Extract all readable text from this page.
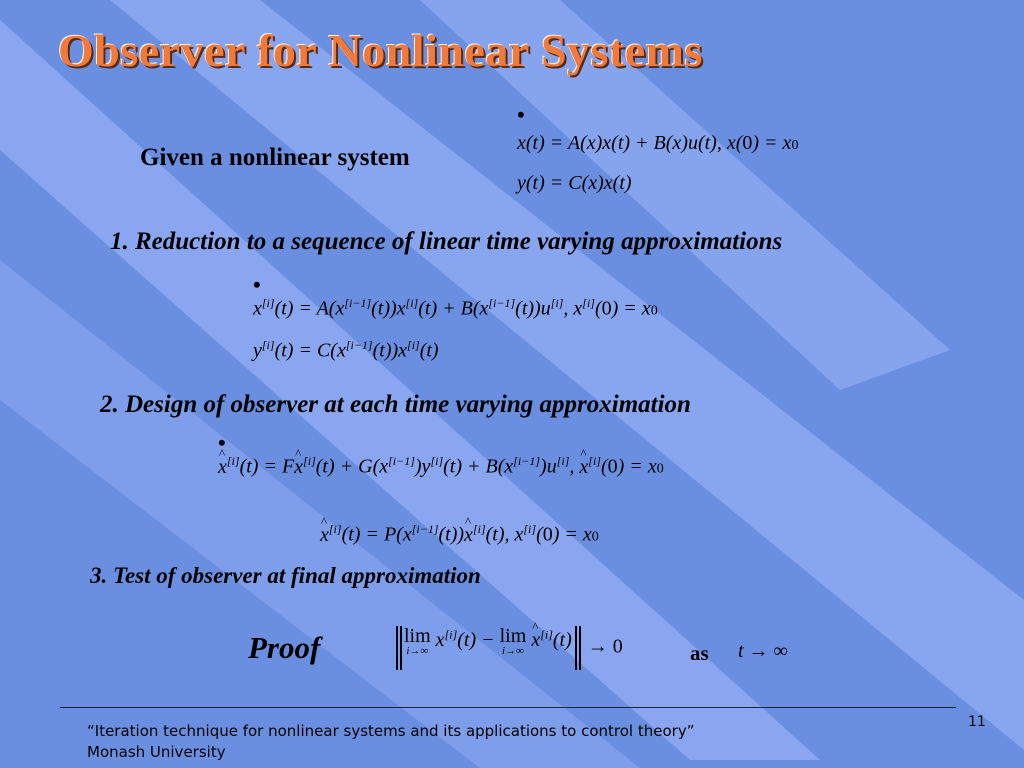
Observer for Nonlinear Systems
Given a nonlinear system
•
x(t) = A(x)x(t) + B(x)u(t), x(0) = x0
y(t) = C(x)x(t)
1. Reduction to a sequence of linear time varying approximations
•
x[i](t) = A(x[i−1](t))x[i](t) + B(x[i−1](t))u[i], x[i](0) = x0
y[i](t) = C(x[i−1](t))x[i](t)
2. Design of observer at each time varying approximation
•
^ x[i](t) = F^ x[i](t) + G(x[i−1])y[i](t) + B(x[i−1])u[i], ^ x[i](0) = x0
^ x[i](t) = P(x[i−1](t))^ x[i](t), x[i](0) = x0
3. Test of observer at final approximation
Proof	lim
i→∞ x[i](t) − lim
i→∞
^ x[i](t) → 0	as t → ∞
“Iteration technique for nonlinear systems and its applications to control theory”
Monash University
11
